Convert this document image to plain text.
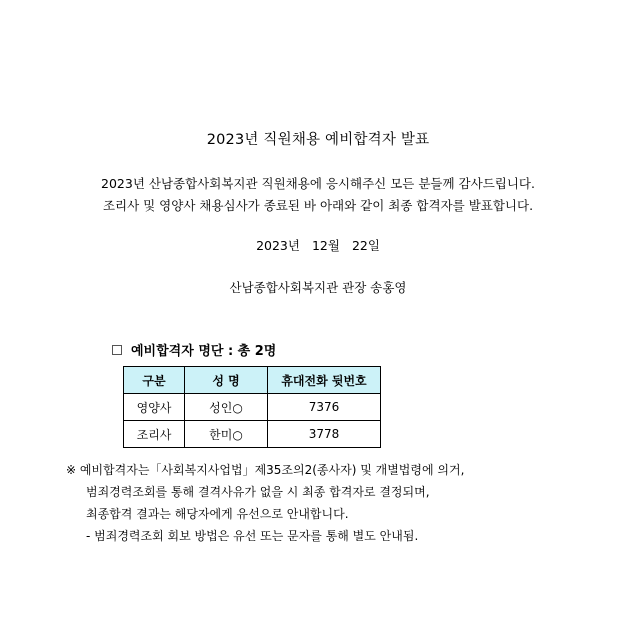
2023년 직원채용 예비합격자 발표
2023년 산남종합사회복지관 직원채용에 응시해주신 모든 분들께 감사드립니다.
조리사 및 영양사 채용심사가 종료된 바 아래와 같이 최종 합격자를 발표합니다.
2023년 12월 22일
산남종합사회복지관 관장 송홍영
예비합격자 명단 : 총 2명
구분	성 명	휴대전화 뒷번호
영양사	성인○	7376
조리사	한미○	3778
※ 예비합격자는「사회복지사업법」제35조의2(종사자) 및 개별법령에 의거,
범죄경력조회를 통해 결격사유가 없을 시 최종 합격자로 결정되며,
최종합격 결과는 해당자에게 유선으로 안내합니다.
- 범죄경력조회 회보 방법은 유선 또는 문자를 통해 별도 안내됨.
